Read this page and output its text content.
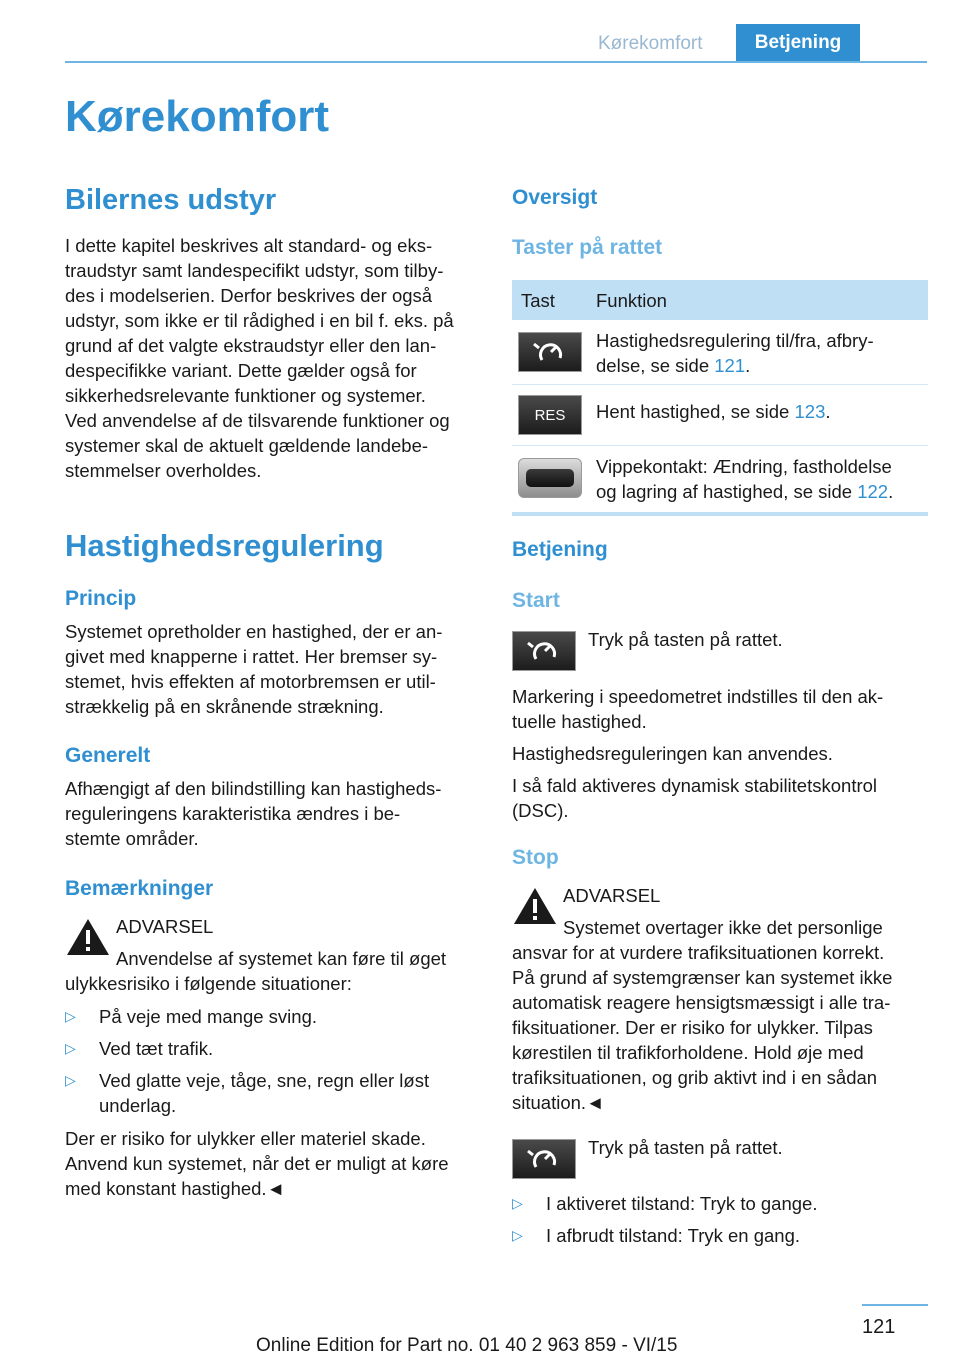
Kørekomfort	Betjening
Kørekomfort
Bilernes udstyr
I dette kapitel beskrives alt standard- og eks‐
traudstyr samt landespecifikt udstyr, som tilby‐
des i modelserien. Derfor beskrives der også
udstyr, som ikke er til rådighed i en bil f. eks. på
grund af det valgte ekstraudstyr eller den lan‐
despecifikke variant. Dette gælder også for
sikkerhedsrelevante funktioner og systemer.
Ved anvendelse af de tilsvarende funktioner og
systemer skal de aktuelt gældende landebe‐
stemmelser overholdes.
Hastighedsregulering
Princip
Systemet opretholder en hastighed, der er an‐
givet med knapperne i rattet. Her bremser sy‐
stemet, hvis effekten af motorbremsen er util‐
strækkelig på en skrånende strækning.
Generelt
Afhængigt af den bilindstilling kan hastigheds‐
reguleringens karakteristika ændres i be‐
stemte områder.
Bemærkninger
ADVARSEL
Anvendelse af systemet kan føre til øget
ulykkesrisiko i følgende situationer:
▷ På veje med mange sving.
▷ Ved tæt trafik.
▷ Ved glatte veje, tåge, sne, regn eller løst
underlag.
Der er risiko for ulykker eller materiel skade.
Anvend kun systemet, når det er muligt at køre
med konstant hastighed.◄
Oversigt
Taster på rattet
Tast Funktion
Hastighedsregulering til/fra, afbry‐
delse, se side 121.
RES Hent hastighed, se side 123.
Vippekontakt: Ændring, fastholdelse
og lagring af hastighed, se side 122.
Betjening
Start
Tryk på tasten på rattet.
Markering i speedometret indstilles til den ak‐
tuelle hastighed.
Hastighedsreguleringen kan anvendes.
I så fald aktiveres dynamisk stabilitetskontrol
(DSC).
Stop
ADVARSEL
Systemet overtager ikke det personlige
ansvar for at vurdere trafiksituationen korrekt.
På grund af systemgrænser kan systemet ikke
automatisk reagere hensigtsmæssigt i alle tra‐
fiksituationer. Der er risiko for ulykker. Tilpas
kørestilen til trafikforholdene. Hold øje med
trafiksituationen, og grib aktivt ind i en sådan
situation.◄
Tryk på tasten på rattet.
▷ I aktiveret tilstand: Tryk to gange.
▷ I afbrudt tilstand: Tryk en gang.
121
Online Edition for Part no. 01 40 2 963 859 - VI/15
